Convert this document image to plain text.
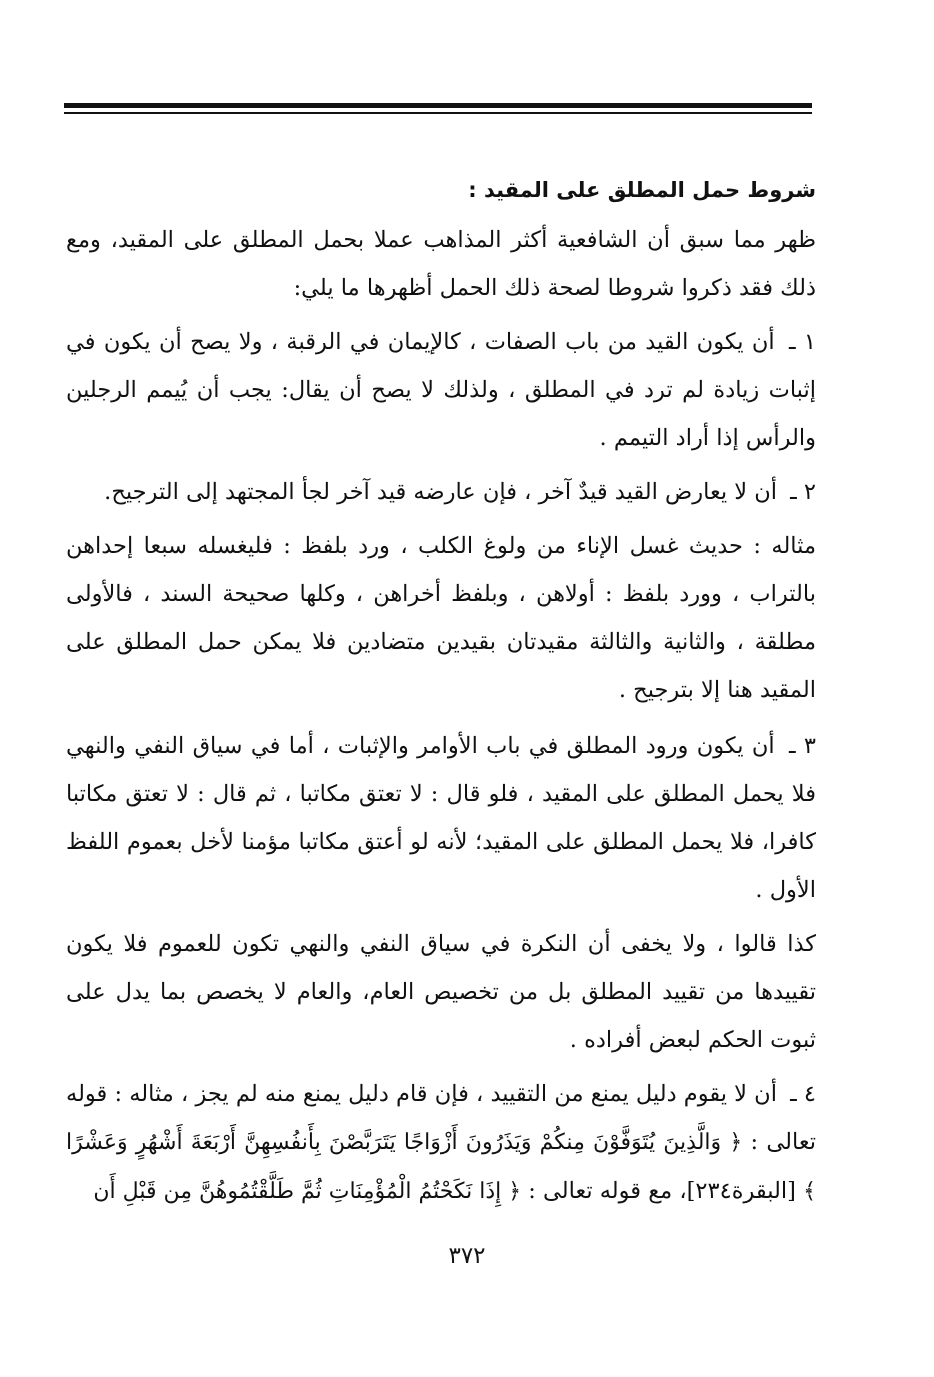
شروط حمل المطلق على المقيد :

ظهر مما سبق أن الشافعية أكثر المذاهب عملا بحمل المطلق على المقيد، ومع ذلك فقد ذكروا شروطا لصحة ذلك الحمل أظهرها ما يلي:

١ ـ أن يكون القيد من باب الصفات ، كالإيمان في الرقبة ، ولا يصح أن يكون في إثبات زيادة لم ترد في المطلق ، ولذلك لا يصح أن يقال: يجب أن يُيمم الرجلين والرأس إذا أراد التيمم .

٢ ـ أن لا يعارض القيد قيدٌ آخر ، فإن عارضه قيد آخر لجأ المجتهد إلى الترجيح.

مثاله : حديث غسل الإناء من ولوغ الكلب ، ورد بلفظ : فليغسله سبعا إحداهن بالتراب ، وورد بلفظ : أولاهن ، وبلفظ أخراهن ، وكلها صحيحة السند ، فالأولى مطلقة ، والثانية والثالثة مقيدتان بقيدين متضادين فلا يمكن حمل المطلق على المقيد هنا إلا بترجيح .

٣ ـ أن يكون ورود المطلق في باب الأوامر والإثبات ، أما في سياق النفي والنهي فلا يحمل المطلق على المقيد ، فلو قال : لا تعتق مكاتبا ، ثم قال : لا تعتق مكاتبا كافرا، فلا يحمل المطلق على المقيد؛ لأنه لو أعتق مكاتبا مؤمنا لأخل بعموم اللفظ الأول .

كذا قالوا ، ولا يخفى أن النكرة في سياق النفي والنهي تكون للعموم فلا يكون تقييدها من تقييد المطلق بل من تخصيص العام، والعام لا يخصص بما يدل على ثبوت الحكم لبعض أفراده .

٤ ـ أن لا يقوم دليل يمنع من التقييد ، فإن قام دليل يمنع منه لم يجز ، مثاله : قوله تعالى : ﴿ وَالَّذِينَ يُتَوَفَّوْنَ مِنكُمْ وَيَذَرُونَ أَزْوَاجًا يَتَرَبَّصْنَ بِأَنفُسِهِنَّ أَرْبَعَةَ أَشْهُرٍ وَعَشْرًا ﴾ [البقرة٢٣٤]، مع قوله تعالى : ﴿ إِذَا نَكَحْتُمُ الْمُؤْمِنَاتِ ثُمَّ طَلَّقْتُمُوهُنَّ مِن قَبْلِ أَن

٣٧٢
